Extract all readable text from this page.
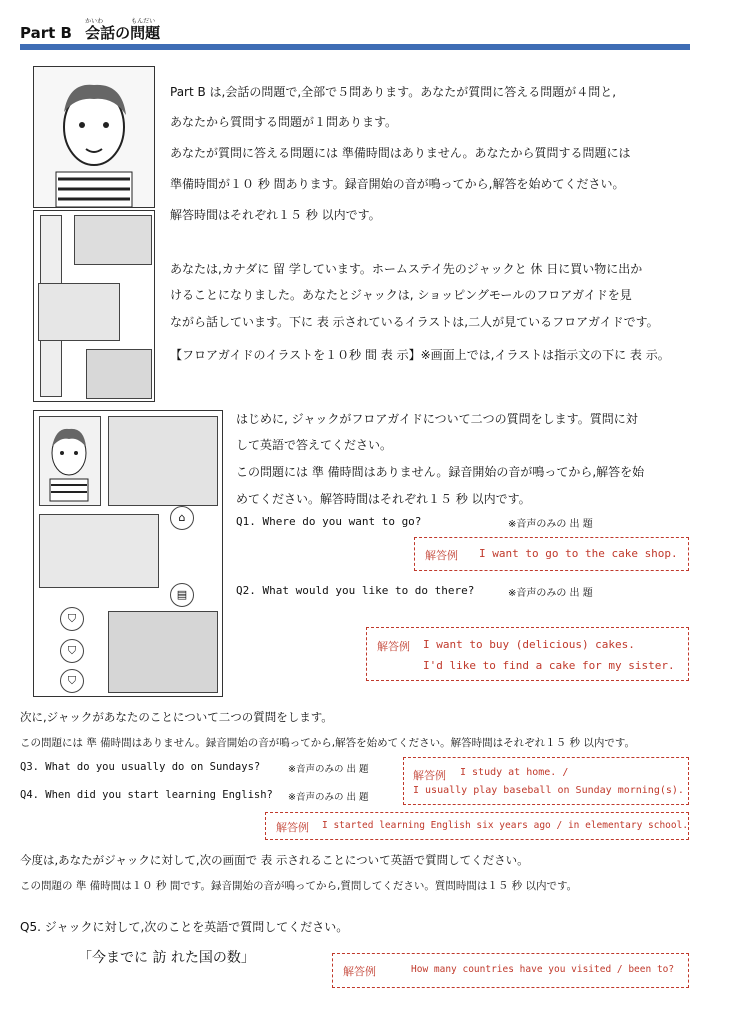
Part B
かいわ	もんだい
会話の問題
Part B は,会話の問題で,全部で５問あります。あなたが質問に答える問題が４問と,
あなたから質問する問題が１問あります。
あなたが質問に答える問題には 準備時間はありません。あなたから質問する問題には
準備時間が１０ 秒 間あります。録音開始の音が鳴ってから,解答を始めてください。
解答時間はそれぞれ１５ 秒 以内です。
あなたは,カナダに 留 学しています。ホームステイ先のジャックと 休 日に買い物に出か
けることになりました。あなたとジャックは, ショッピングモールのフロアガイドを見
ながら話しています。下に 表 示されているイラストは,二人が見ているフロアガイドです。
【フロアガイドのイラストを１０秒 間 表 示】※画面上では,イラストは指示文の下に 表 示。
⌂
▤
⛉
⛉
⛉
はじめに, ジャックがフロアガイドについて二つの質問をします。質問に対
して英語で答えてください。
この問題には 準 備時間はありません。録音開始の音が鳴ってから,解答を始
めてください。解答時間はそれぞれ１５ 秒 以内です。
Q1. Where do you want to go?	※音声のみの 出 題
解答例 I want to go to the cake shop.
Q2. What would you like to do there?	※音声のみの 出 題
解答例 I want to buy (delicious) cakes.
I'd like to find a cake for my sister.
次に,ジャックがあなたのことについて二つの質問をします。
この問題には 準 備時間はありません。録音開始の音が鳴ってから,解答を始めてください。解答時間はそれぞれ１５ 秒 以内です。
Q3. What do you usually do on Sundays?	※音声のみの 出 題
Q4. When did you start learning English? ※音声のみの 出 題
解答例 I study at home. /
I usually play baseball on Sunday morning(s).
解答例 I started learning English six years ago / in elementary school.
今度は,あなたがジャックに対して,次の画面で 表 示されることについて英語で質問してください。
この問題の 準 備時間は１０ 秒 間です。録音開始の音が鳴ってから,質問してください。質問時間は１５ 秒 以内です。
Q5. ジャックに対して,次のことを英語で質問してください。
「今までに 訪 れた国の数」
解答例	How many countries have you visited / been to?
